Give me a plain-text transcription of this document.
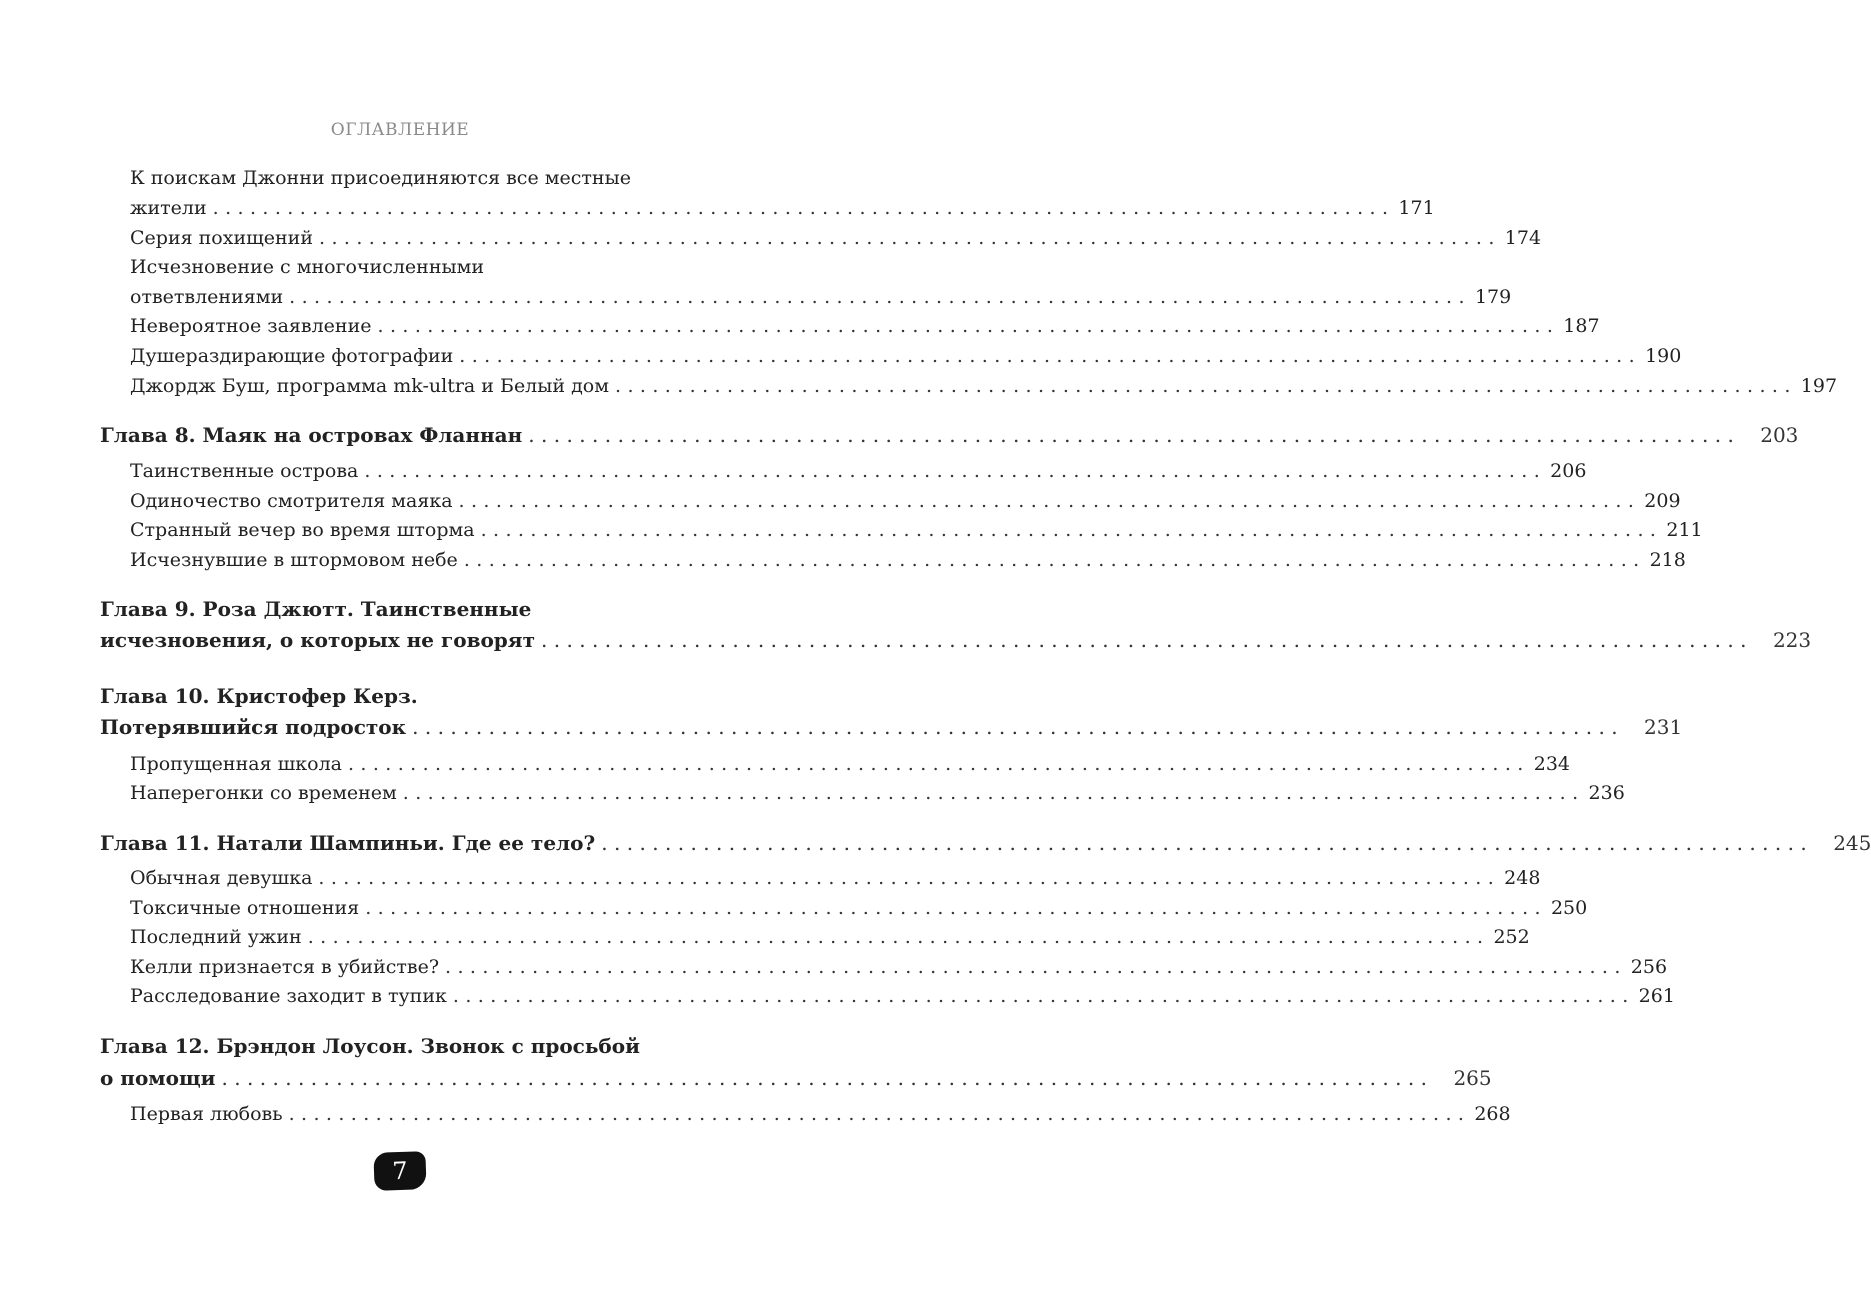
ОГЛАВЛЕНИЕ
К поискам Джонни присоединяются все местные
жители ............................................................................................... 171
Серия похищений ............................................................................................... 174
Исчезновение с многочисленными
ответвлениями ............................................................................................... 179
Невероятное заявление ............................................................................................... 187
Душераздирающие фотографии ............................................................................................... 190
Джордж Буш, программа mk-ultra и Белый дом ............................................................................................... 197
Глава 8. Маяк на островах Фланнан ...............................................................................................	203
Таинственные острова ............................................................................................... 206
Одиночество смотрителя маяка ............................................................................................... 209
Странный вечер во время шторма ............................................................................................... 211
Исчезнувшие в штормовом небе ............................................................................................... 218
Глава 9. Роза Джютт. Таинственные
исчезновения, о которых не говорят ...............................................................................................	223
Глава 10. Кристофер Керз.
Потерявшийся подросток ...............................................................................................	231
Пропущенная школа ............................................................................................... 234
Наперегонки со временем ............................................................................................... 236
Глава 11. Натали Шампиньи. Где ее тело? ...............................................................................................	245
Обычная девушка ............................................................................................... 248
Токсичные отношения ............................................................................................... 250
Последний ужин ............................................................................................... 252
Келли признается в убийстве? ............................................................................................... 256
Расследование заходит в тупик ............................................................................................... 261
Глава 12. Брэндон Лоусон. Звонок с просьбой
о помощи ...............................................................................................	265
Первая любовь ............................................................................................... 268
7
